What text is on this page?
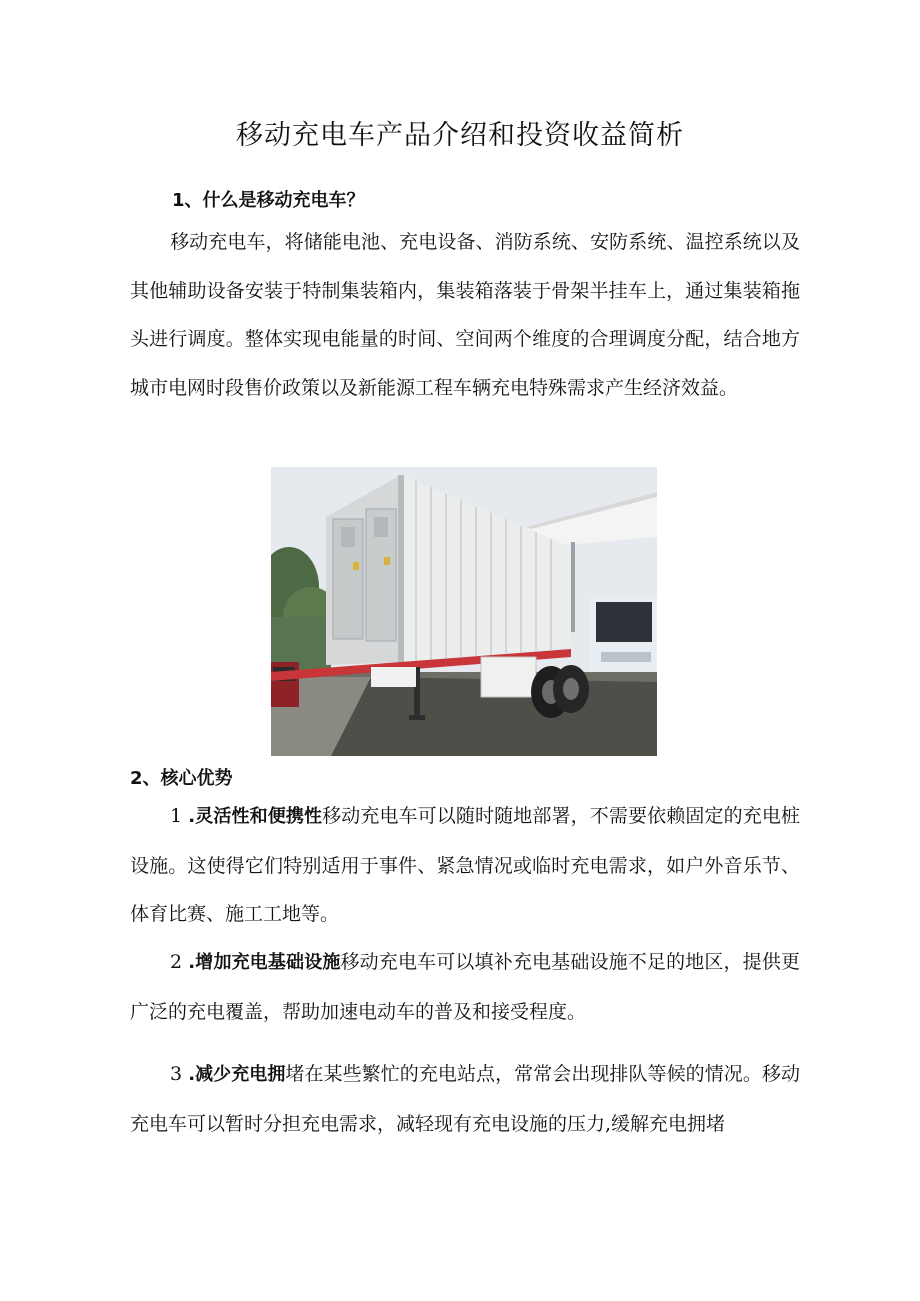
移动充电车产品介绍和投资收益简析
1、什么是移动充电车？

移动充电车，将储能电池、充电设备、消防系统、安防系统、温控系统以及其他辅助设备安装于特制集装箱内，集装箱落装于骨架半挂车上，通过集装箱拖头进行调度。整体实现电能量的时间、空间两个维度的合理调度分配，结合地方城市电网时段售价政策以及新能源工程车辆充电特殊需求产生经济效益。

2、核心优势

1 .灵活性和便携性移动充电车可以随时随地部署，不需要依赖固定的充电桩设施。这使得它们特别适用于事件、紧急情况或临时充电需求，如户外音乐节、体育比赛、施工工地等。

2 .增加充电基础设施移动充电车可以填补充电基础设施不足的地区，提供更广泛的充电覆盖，帮助加速电动车的普及和接受程度。

3 .减少充电拥堵在某些繁忙的充电站点，常常会出现排队等候的情况。移动充电车可以暂时分担充电需求，减轻现有充电设施的压力,缓解充电拥堵
